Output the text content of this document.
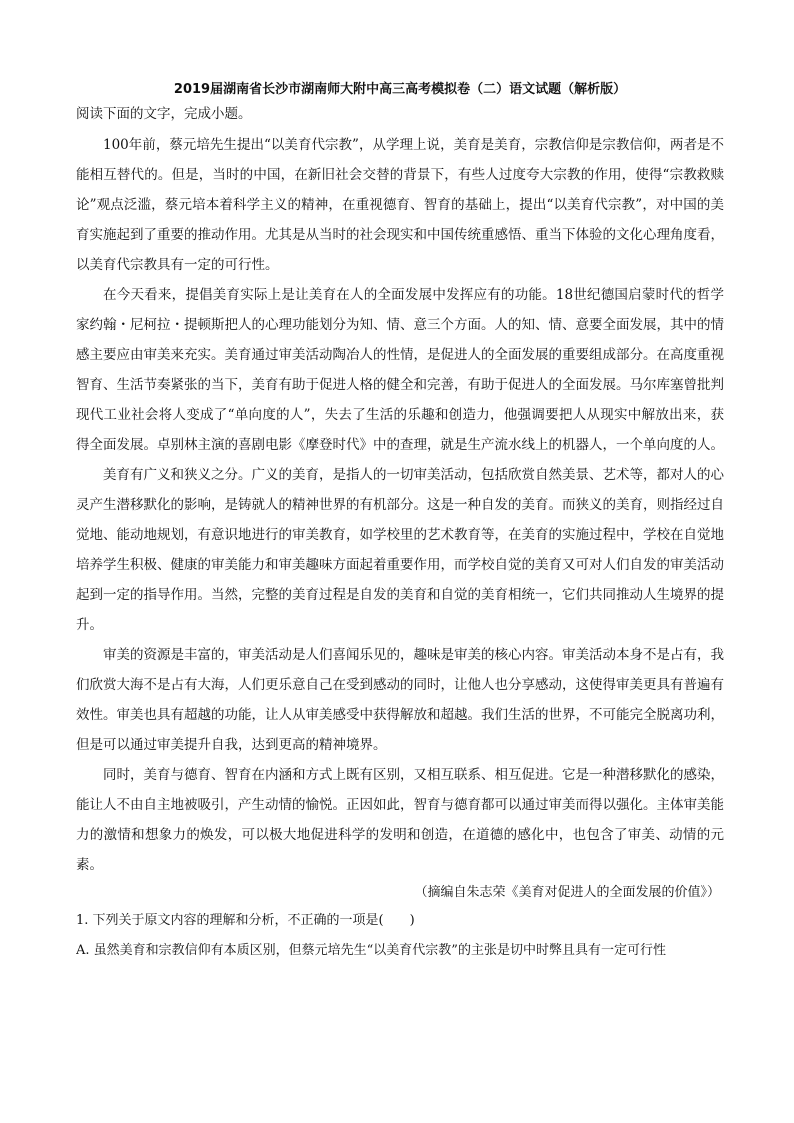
2019届湖南省长沙市湖南师大附中高三高考模拟卷（二）语文试题（解析版）
阅读下面的文字，完成小题。

100年前，蔡元培先生提出“以美育代宗教”，从学理上说，美育是美育，宗教信仰是宗教信仰，两者是不能相互替代的。但是，当时的中国，在新旧社会交替的背景下，有些人过度夸大宗教的作用，使得“宗教救赎论”观点泛滥，蔡元培本着科学主义的精神，在重视德育、智育的基础上，提出“以美育代宗教”，对中国的美育实施起到了重要的推动作用。尤其是从当时的社会现实和中国传统重感悟、重当下体验的文化心理角度看，以美育代宗教具有一定的可行性。

在今天看来，提倡美育实际上是让美育在人的全面发展中发挥应有的功能。18世纪德国启蒙时代的哲学家约翰・尼柯拉・提顿斯把人的心理功能划分为知、情、意三个方面。人的知、情、意要全面发展，其中的情感主要应由审美来充实。美育通过审美活动陶冶人的性情，是促进人的全面发展的重要组成部分。在高度重视智育、生活节奏紧张的当下，美育有助于促进人格的健全和完善，有助于促进人的全面发展。马尔库塞曾批判现代工业社会将人变成了“单向度的人”，失去了生活的乐趣和创造力，他强调要把人从现实中解放出来，获得全面发展。卓别林主演的喜剧电影《摩登时代》中的查理，就是生产流水线上的机器人，一个单向度的人。

美育有广义和狭义之分。广义的美育，是指人的一切审美活动，包括欣赏自然美景、艺术等，都对人的心灵产生潜移默化的影响，是铸就人的精神世界的有机部分。这是一种自发的美育。而狭义的美育，则指经过自觉地、能动地规划，有意识地进行的审美教育，如学校里的艺术教育等，在美育的实施过程中，学校在自觉地培养学生积极、健康的审美能力和审美趣味方面起着重要作用，而学校自觉的美育又可对人们自发的审美活动起到一定的指导作用。当然，完整的美育过程是自发的美育和自觉的美育相统一，它们共同推动人生境界的提升。

审美的资源是丰富的，审美活动是人们喜闻乐见的，趣味是审美的核心内容。审美活动本身不是占有，我们欣赏大海不是占有大海，人们更乐意自己在受到感动的同时，让他人也分享感动，这使得审美更具有普遍有效性。审美也具有超越的功能，让人从审美感受中获得解放和超越。我们生活的世界，不可能完全脱离功利，但是可以通过审美提升自我，达到更高的精神境界。

同时，美育与德育、智育在内涵和方式上既有区别，又相互联系、相互促进。它是一种潜移默化的感染，能让人不由自主地被吸引，产生动情的愉悦。正因如此，智育与德育都可以通过审美而得以强化。主体审美能力的激情和想象力的焕发，可以极大地促进科学的发明和创造，在道德的感化中，也包含了审美、动情的元素。

（摘编自朱志荣《美育对促进人的全面发展的价值》）
1. 下列关于原文内容的理解和分析，不正确的一项是(　　)
A. 虽然美育和宗教信仰有本质区别，但蔡元培先生“以美育代宗教”的主张是切中时弊且具有一定可行性
